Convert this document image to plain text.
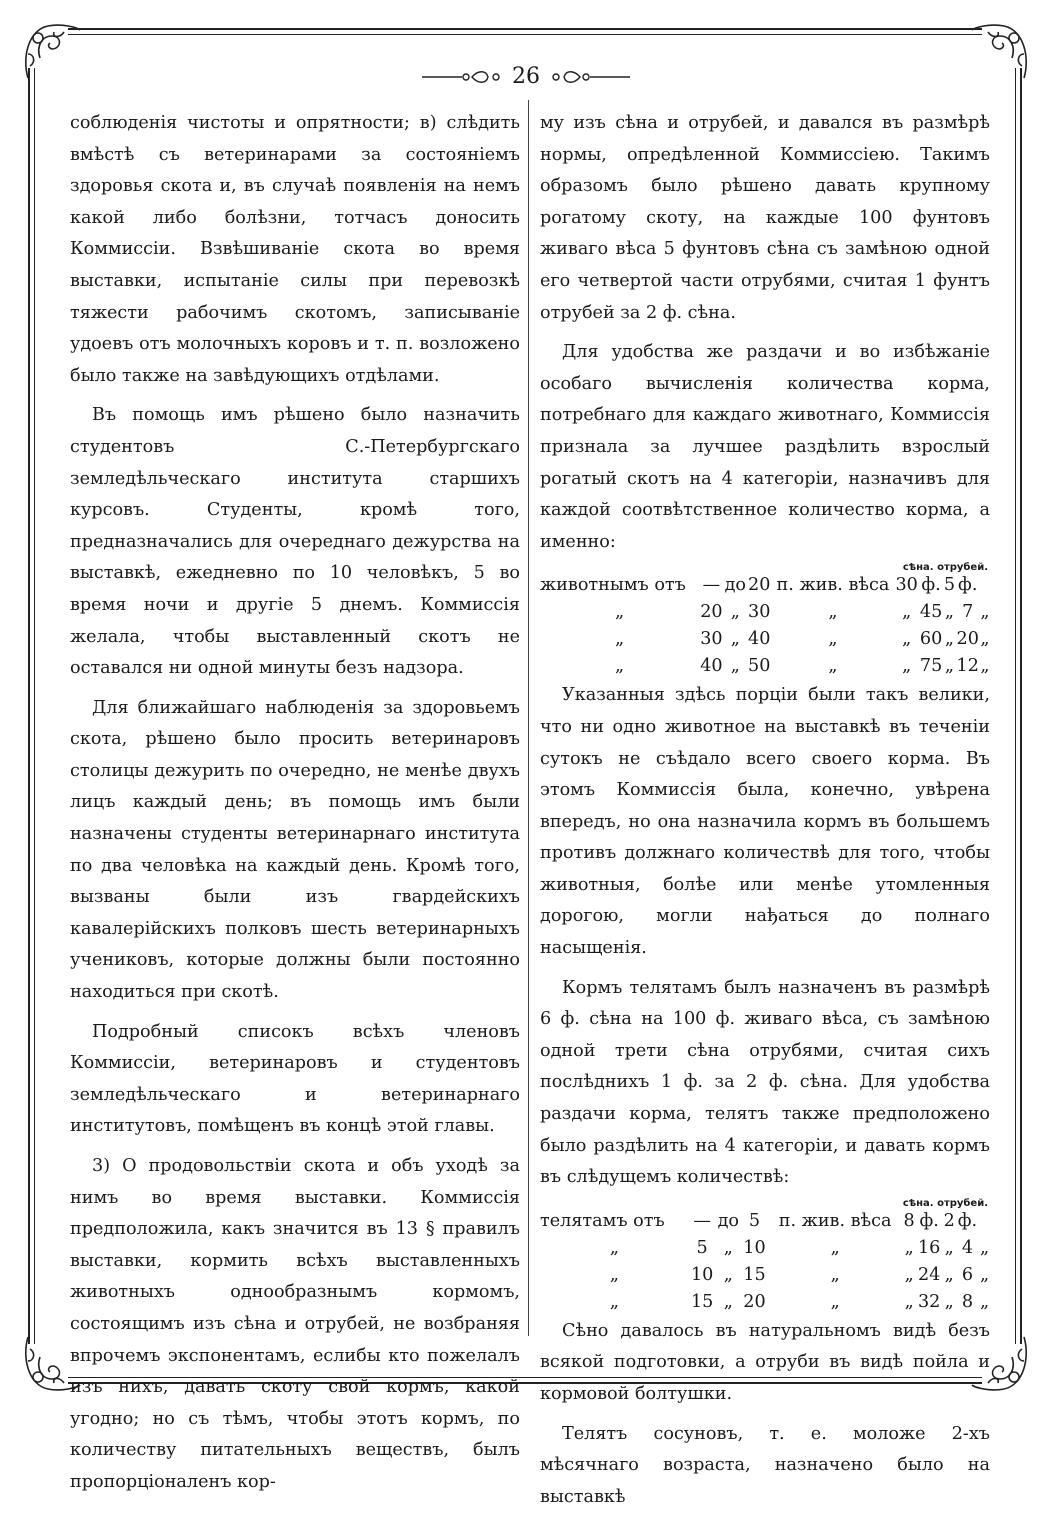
26

соблюденія чистоты и опрятности; в) слѣдить вмѣстѣ съ ветеринарами за состояніемъ здоровья скота и, въ случаѣ появленія на немъ какой либо болѣзни, тотчасъ доносить Коммиссіи. Взвѣшиваніе скота во время выставки, испытаніе силы при перевозкѣ тяжести рабочимъ скотомъ, записываніе удоевъ отъ молочныхъ коровъ и т. п. возложено было также на завѣдующихъ отдѣлами.

Въ помощь имъ рѣшено было назначить студентовъ С.-Петербургскаго земледѣльческаго института старшихъ курсовъ. Студенты, кромѣ того, предназначались для очереднаго дежурства на выставкѣ, ежедневно по 10 человѣкъ, 5 во время ночи и другіе 5 днемъ. Коммиссія желала, чтобы выставленный скотъ не оставался ни одной минуты безъ надзора.

Для ближайшаго наблюденія за здоровьемъ скота, рѣшено было просить ветеринаровъ столицы дежурить по очередно, не менѣе двухъ лицъ каждый день; въ помощь имъ были назначены студенты ветеринарнаго института по два человѣка на каждый день. Кромѣ того, вызваны были изъ гвардейскихъ кавалерійскихъ полковъ шесть ветеринарныхъ учениковъ, которые должны были постоянно находиться при скотѣ.

Подробный списокъ всѣхъ членовъ Коммиссіи, ветеринаровъ и студентовъ земледѣльческаго и ветеринарнаго институтовъ, помѣщенъ въ концѣ этой главы.

3) О продовольствіи скота и объ уходѣ за нимъ во время выставки. Коммиссія предположила, какъ значится въ 13 § правилъ выставки, кормить всѣхъ выставленныхъ животныхъ однообразнымъ кормомъ, состоящимъ изъ сѣна и отрубей, не возбраняя впрочемъ экспонентамъ, еслибы кто пожелалъ изъ нихъ, давать скоту свой кормъ, какой угодно; но съ тѣмъ, чтобы этотъ кормъ, по количеству питательныхъ веществъ, былъ пропорціоналенъ кор-

му изъ сѣна и отрубей, и давался въ размѣрѣ нормы, опредѣленной Коммиссіею. Такимъ образомъ было рѣшено давать крупному рогатому скоту, на каждые 100 фунтовъ живаго вѣса 5 фунтовъ сѣна съ замѣною одной его четвертой части отрубями, считая 1 фунтъ отрубей за 2 ф. сѣна.

Для удобства же раздачи и во избѣжаніе особаго вычисленія количества корма, потребнаго для каждаго животнаго, Коммиссія признала за лучшее раздѣлить взрослый рогатый скотъ на 4 категоріи, назначивъ для каждой соотвѣтственное количество корма, а именно:

сѣна. отрубей.
животнымъ отъ	—	до	20	п. жив. вѣса	30	ф.	5	ф.	
„	20	„	30	„	„	45	„	7	„
„	30	„	40	„	„	60	„	20	„
„	40	„	50	„	„	75	„	12	„

Указанныя здѣсь порціи были такъ велики, что ни одно животное на выставкѣ въ теченіи сутокъ не съѣдало всего своего корма. Въ этомъ Коммиссія была, конечно, увѣрена впередъ, но она назначила кормъ въ большемъ противъ должнаго количествѣ для того, чтобы животныя, болѣе или менѣе утомленныя дорогою, могли нађаться до полнаго насыщенія.

Кормъ телятамъ былъ назначенъ въ размѣрѣ 6 ф. сѣна на 100 ф. живаго вѣса, съ замѣною одной трети сѣна отрубями, считая сихъ послѣднихъ 1 ф. за 2 ф. сѣна. Для удобства раздачи корма, телятъ также предположено было раздѣлить на 4 категоріи, и давать кормъ въ слѣдущемъ количествѣ:

сѣна. отрубей.
телятамъ отъ	—	до	5	п. жив. вѣса	8	ф.	2	ф.	
„	5	„	10	„	„	16	„	4	„
„	10	„	15	„	„	24	„	6	„
„	15	„	20	„	„	32	„	8	„

Сѣно давалось въ натуральномъ видѣ безъ всякой подготовки, а отруби въ видѣ пойла и кормовой болтушки.

Телятъ сосуновъ, т. е. моложе 2-хъ мѣсячнаго возраста, назначено было на выставкѣ
